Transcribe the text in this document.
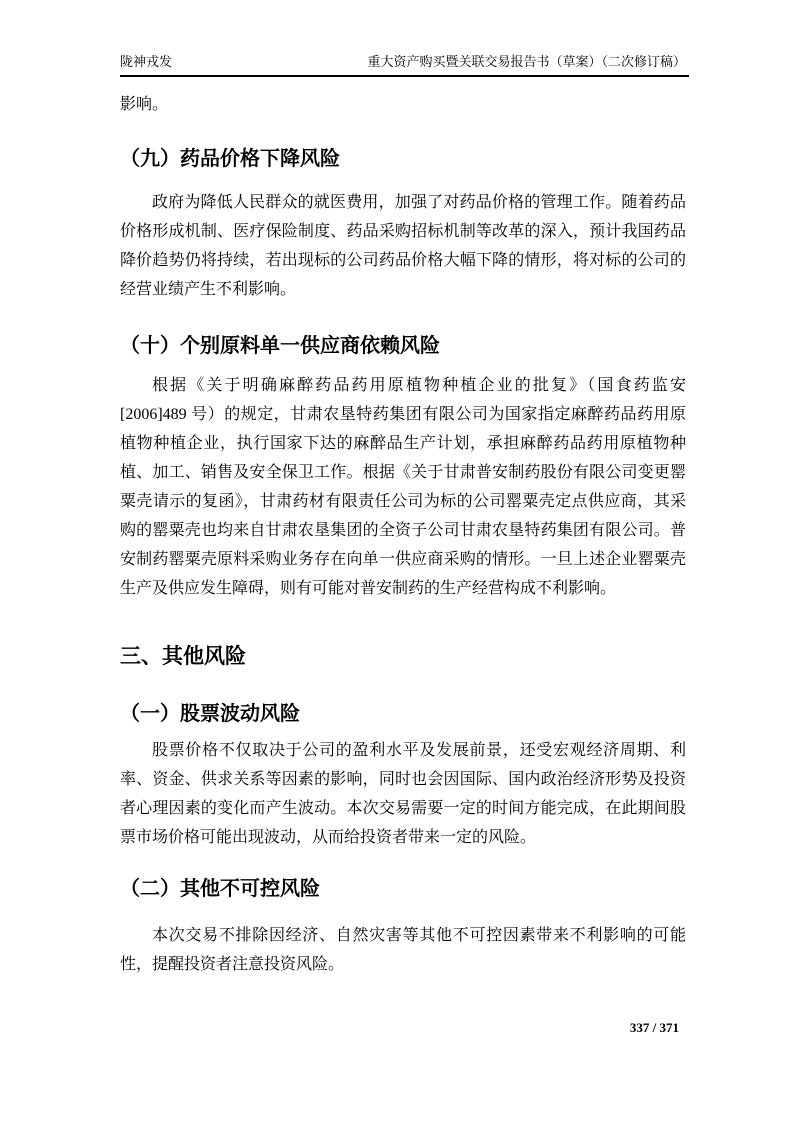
陇神戎发	重大资产购买暨关联交易报告书（草案）（二次修订稿）

影响。

（九）药品价格下降风险

政府为降低人民群众的就医费用，加强了对药品价格的管理工作。随着药品价格形成机制、医疗保险制度、药品采购招标机制等改革的深入，预计我国药品降价趋势仍将持续，若出现标的公司药品价格大幅下降的情形，将对标的公司的经营业绩产生不利影响。

（十）个别原料单一供应商依赖风险

根据《关于明确麻醉药品药用原植物种植企业的批复》（国食药监安[2006]489 号）的规定，甘肃农垦特药集团有限公司为国家指定麻醉药品药用原植物种植企业，执行国家下达的麻醉品生产计划，承担麻醉药品药用原植物种植、加工、销售及安全保卫工作。根据《关于甘肃普安制药股份有限公司变更罂粟壳请示的复函》，甘肃药材有限责任公司为标的公司罂粟壳定点供应商，其采购的罂粟壳也均来自甘肃农垦集团的全资子公司甘肃农垦特药集团有限公司。普安制药罂粟壳原料采购业务存在向单一供应商采购的情形。一旦上述企业罂粟壳生产及供应发生障碍，则有可能对普安制药的生产经营构成不利影响。

三、其他风险
（一）股票波动风险

股票价格不仅取决于公司的盈利水平及发展前景，还受宏观经济周期、利率、资金、供求关系等因素的影响，同时也会因国际、国内政治经济形势及投资者心理因素的变化而产生波动。本次交易需要一定的时间方能完成，在此期间股票市场价格可能出现波动，从而给投资者带来一定的风险。

（二）其他不可控风险

本次交易不排除因经济、自然灾害等其他不可控因素带来不利影响的可能性，提醒投资者注意投资风险。

337 / 371
